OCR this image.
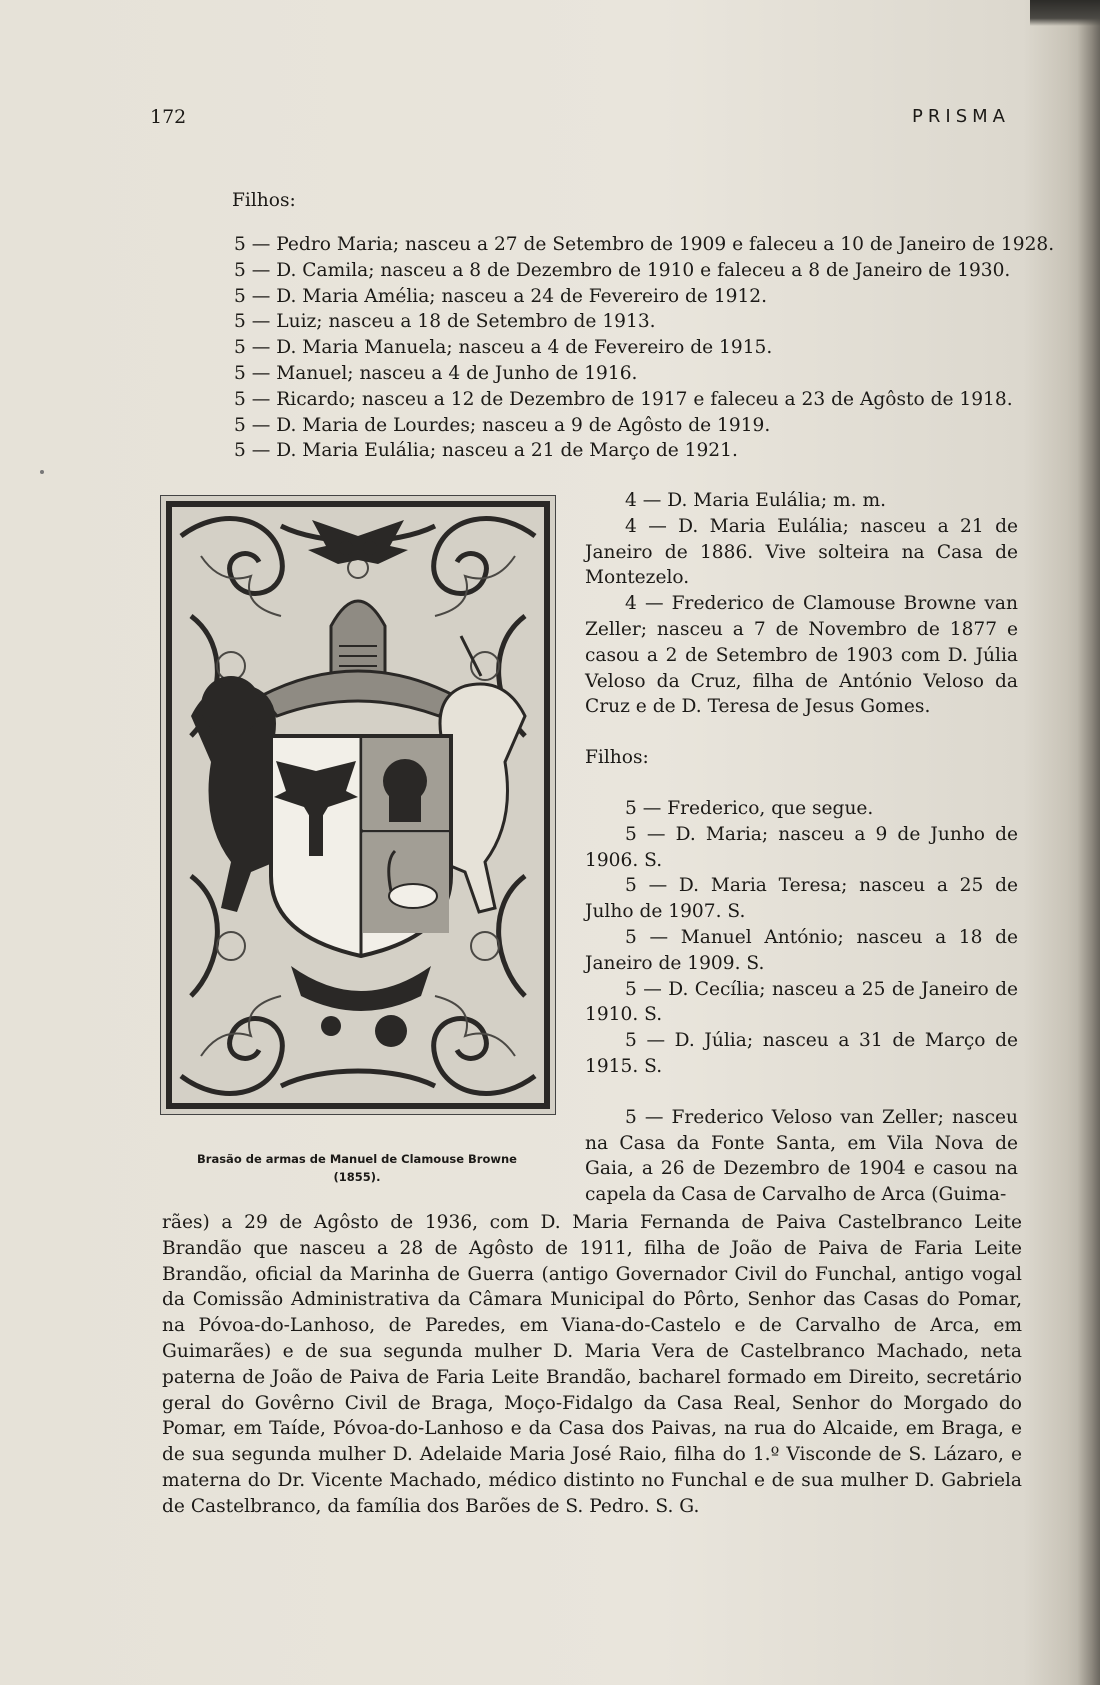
172	PRISMA
Filhos:
5 — Pedro Maria; nasceu a 27 de Setembro de 1909 e faleceu a 10 de Janeiro de 1928.
5 — D. Camila; nasceu a 8 de Dezembro de 1910 e faleceu a 8 de Janeiro de 1930.
5 — D. Maria Amélia; nasceu a 24 de Fevereiro de 1912.
5 — Luiz; nasceu a 18 de Setembro de 1913.
5 — D. Maria Manuela; nasceu a 4 de Fevereiro de 1915.
5 — Manuel; nasceu a 4 de Junho de 1916.
5 — Ricardo; nasceu a 12 de Dezembro de 1917 e faleceu a 23 de Agôsto de 1918.
5 — D. Maria de Lourdes; nasceu a 9 de Agôsto de 1919.
5 — D. Maria Eulália; nasceu a 21 de Março de 1921.
Brasão de armas de Manuel de Clamouse Browne
(1855).

4 — D. Maria Eulália; m. m.

4 — D. Maria Eulália; nasceu a 21 de Janeiro de 1886. Vive solteira na Casa de Montezelo.

4 — Frederico de Clamouse Browne van Zeller; nasceu a 7 de Novembro de 1877 e casou a 2 de Setembro de 1903 com D. Júlia Veloso da Cruz, filha de António Veloso da Cruz e de D. Teresa de Jesus Gomes.

Filhos:

5 — Frederico, que segue.

5 — D. Maria; nasceu a 9 de Junho de 1906. S.

5 — D. Maria Teresa; nasceu a 25 de Julho de 1907. S.

5 — Manuel António; nasceu a 18 de Janeiro de 1909. S.

5 — D. Cecília; nasceu a 25 de Janeiro de 1910. S.

5 — D. Júlia; nasceu a 31 de Março de 1915. S.

5 — Frederico Veloso van Zeller; nasceu na Casa da Fonte Santa, em Vila Nova de Gaia, a 26 de Dezembro de 1904 e casou na capela da Casa de Carvalho de Arca (Guima-

rães) a 29 de Agôsto de 1936, com D. Maria Fernanda de Paiva Castelbranco Leite Brandão que nasceu a 28 de Agôsto de 1911, filha de João de Paiva de Faria Leite Brandão, oficial da Marinha de Guerra (antigo Governador Civil do Funchal, antigo vogal da Comissão Administrativa da Câmara Municipal do Pôrto, Senhor das Casas do Pomar, na Póvoa-do-Lanhoso, de Paredes, em Viana-do-Castelo e de Carvalho de Arca, em Guimarães) e de sua segunda mulher D. Maria Vera de Castelbranco Machado, neta paterna de João de Paiva de Faria Leite Brandão, bacharel formado em Direito, secretário geral do Govêrno Civil de Braga, Moço-Fidalgo da Casa Real, Senhor do Morgado do Pomar, em Taíde, Póvoa-do-Lanhoso e da Casa dos Paivas, na rua do Alcaide, em Braga, e de sua segunda mulher D. Adelaide Maria José Raio, filha do 1.º Visconde de S. Lázaro, e materna do Dr. Vicente Machado, médico distinto no Funchal e de sua mulher D. Gabriela de Castelbranco, da família dos Barões de S. Pedro. S. G.
